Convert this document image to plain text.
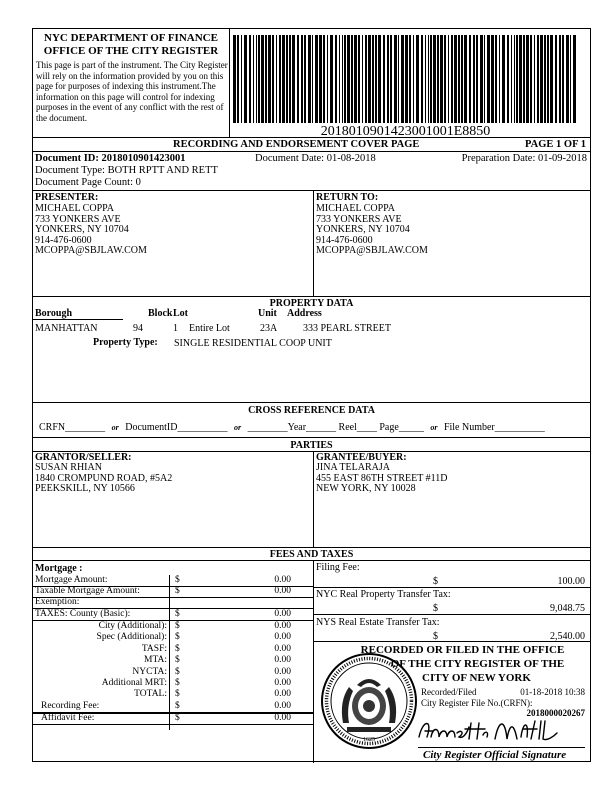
NYC DEPARTMENT OF FINANCE
OFFICE OF THE CITY REGISTER
This page is part of the instrument. The City Register will rely on the information provided by you on this page for purposes of indexing this instrument.The information on this page will control for indexing purposes in the event of any conflict with the rest of the document.
2018010901423001001E8850
RECORDING AND ENDORSEMENT COVER PAGE	PAGE 1 OF 1
Document ID: 2018010901423001	Document Date: 01-08-2018	Preparation Date: 01-09-2018
Document Type: BOTH RPTT AND RETT
Document Page Count: 0
PRESENTER:
MICHAEL COPPA
733 YONKERS AVE
YONKERS, NY 10704
914-476-0600
MCOPPA@SBJLAW.COM
RETURN TO:
MICHAEL COPPA
733 YONKERS AVE
YONKERS, NY 10704
914-476-0600
MCOPPA@SBJLAW.COM
PROPERTY DATA
Borough	Block Lot	Unit Address
MANHATTAN	94	1 Entire Lot	23A	333 PEARL STREET
Property Type: SINGLE RESIDENTIAL COOP UNIT
CROSS REFERENCE DATA
CRFN________ or DocumentID__________ or ________Year______ Reel____ Page_____ or File Number__________
PARTIES
GRANTOR/SELLER:
SUSAN RHIAN
1840 CROMPUND ROAD, #5A2
PEEKSKILL, NY 10566
GRANTEE/BUYER:
JINA TELARAJA
455 EAST 86TH STREET #11D
NEW YORK, NY 10028
FEES AND TAXES
Mortgage :	Filing Fee:
$	100.00
NYC Real Property Transfer Tax:
$	9,048.75
NYS Real Estate Transfer Tax:
$	2,540.00
RECORDED OR FILED IN THE OFFICE
OF THE CITY REGISTER OF THE
CITY OF NEW YORK
Recorded/Filed	01-18-2018 10:38
City Register File No.(CRFN):
2018000020267
1625
City Register Official Signature
Mortgage Amount:	$	0.00
Taxable Mortgage Amount:	$	0.00
Exemption:
TAXES: County (Basic):	$	0.00
City (Additional): $	0.00
Spec (Additional): $	0.00
TASF: $	0.00
MTA: $	0.00
NYCTA: $	0.00
Additional MRT: $	0.00
TOTAL: $	0.00
Recording Fee:	$	0.00
Affidavit Fee:	$	0.00
